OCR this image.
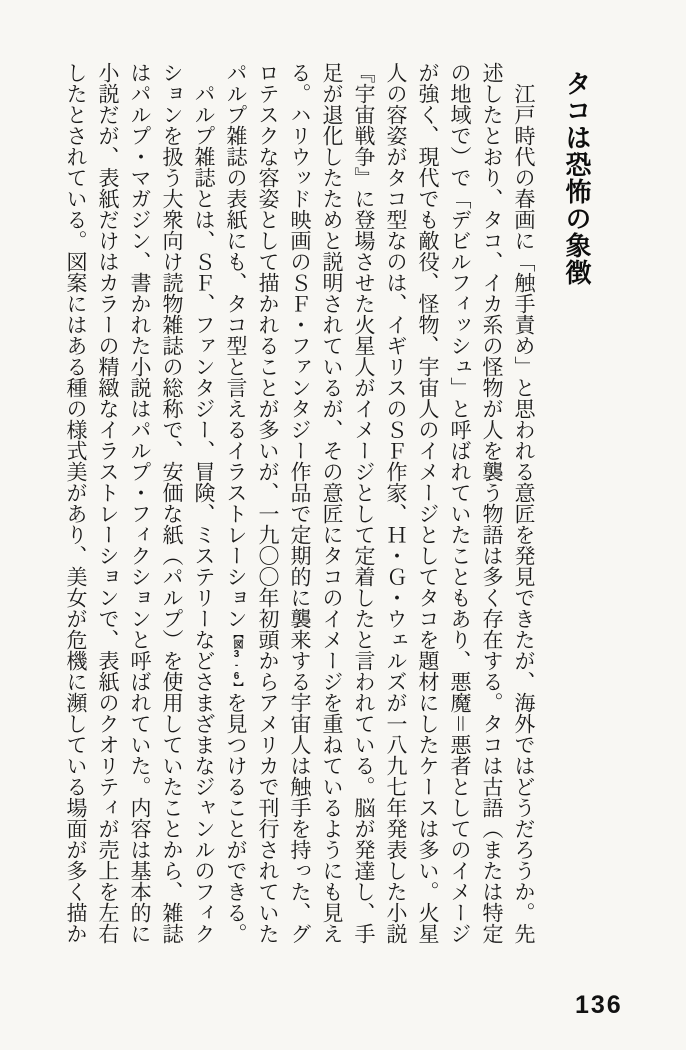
タコは恐怖の象徴

江戸時代の春画に「触手責め」と思われる意匠を発見できたが、海外ではどうだろうか。先述したとおり、タコ、イカ系の怪物が人を襲う物語は多く存在する。タコは古語（または特定の地域で）で「デビルフィッシュ」と呼ばれていたこともあり、悪魔＝悪者としてのイメージが強く、現代でも敵役、怪物、宇宙人のイメージとしてタコを題材にしたケースは多い。火星人の容姿がタコ型なのは、イギリスのＳＦ作家、Ｈ・Ｇ・ウェルズが一八九七年発表した小説『宇宙戦争』に登場させた火星人がイメージとして定着したと言われている。脳が発達し、手足が退化したためと説明されているが、その意匠にタコのイメージを重ねているようにも見える。ハリウッド映画のＳＦ・ファンタジー作品で定期的に襲来する宇宙人は触手を持った、グロテスクな容姿として描かれることが多いが、一九〇〇年初頭からアメリカで刊行されていたパルプ雑誌の表紙にも、タコ型と言えるイラストレーション【図3-6】を見つけることができる。

パルプ雑誌とは、ＳＦ、ファンタジー、冒険、ミステリーなどさまざまなジャンルのフィクションを扱う大衆向け読物雑誌の総称で、安価な紙（パルプ）を使用していたことから、雑誌はパルプ・マガジン、書かれた小説はパルプ・フィクションと呼ばれていた。内容は基本的に小説だが、表紙だけはカラーの精緻なイラストレーションで、表紙のクオリティが売上を左右したとされている。図案にはある種の様式美があり、美女が危機に瀕している場面が多く描か

136
